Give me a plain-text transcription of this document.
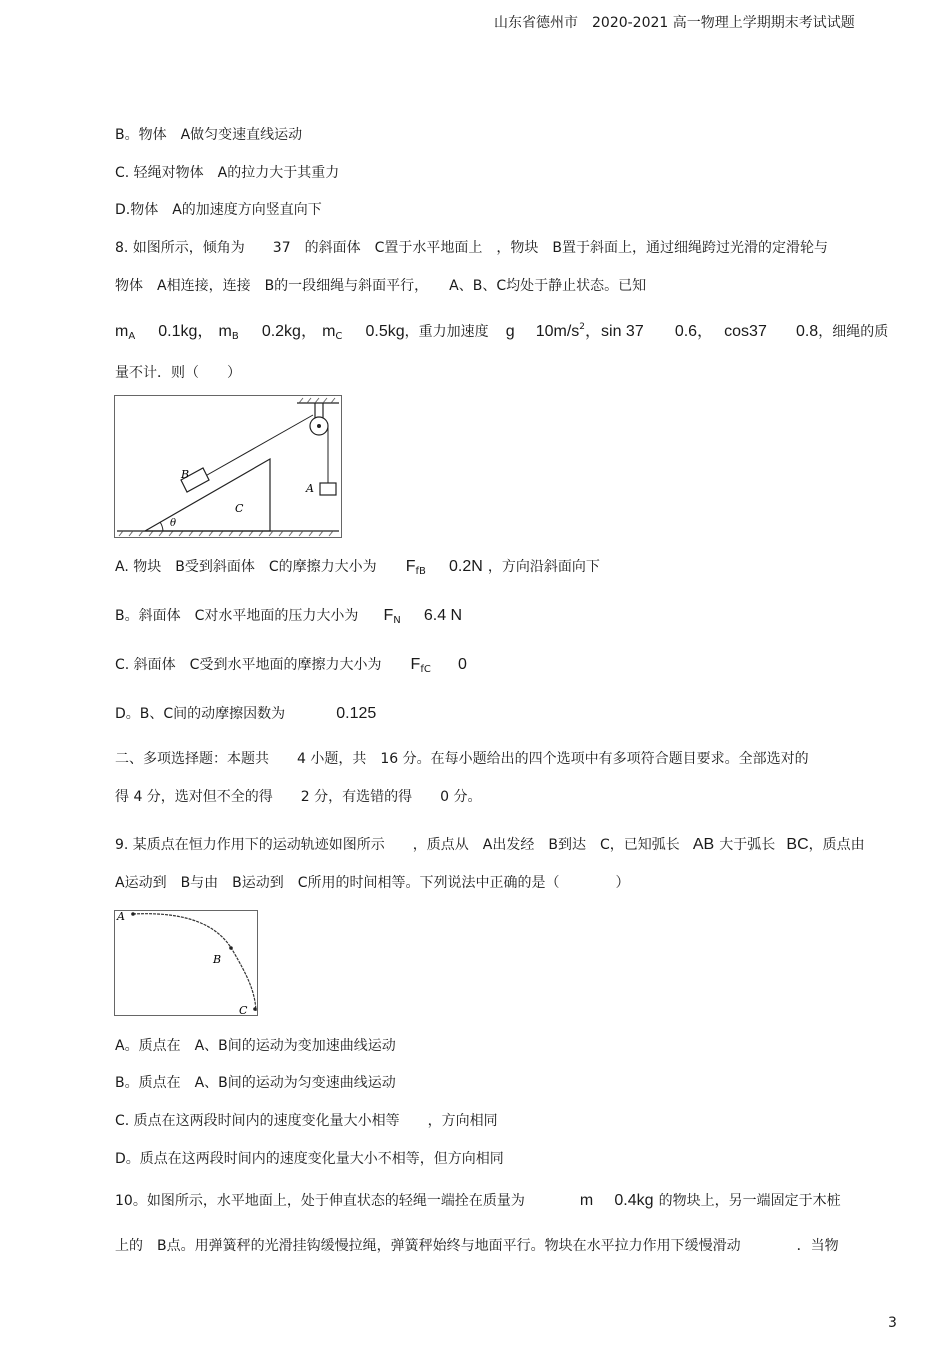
山东省德州市　2020-2021 高一物理上学期期末考试试题
B。物体　A做匀变速直线运动
C. 轻绳对物体　A的拉力大于其重力
D.物体　A的加速度方向竖直向下
8. 如图所示，倾角为　　37　的斜面体　C置于水平地面上　，物块　B置于斜面上，通过细绳跨过光滑的定滑轮与
物体　A相连接，连接　B的一段细绳与斜面平行，　　A、B、C均处于静止状态。已知
$m_A$ 0.1kg， $m_B$ 0.2kg， $m_C$ 0.5kg，重力加速度 g $10m/s^2$，sin 37 0.6， cos37 0.8，细绳的质
量不计．则（　　）
B
C
A
θ
A. 物块　B受到斜面体　C的摩擦力大小为 $F_{fB}$ 0.2N ，方向沿斜面向下
B。斜面体　C对水平地面的压力大小为 $F_N$ 6.4 N
C. 斜面体　C受到水平地面的摩擦力大小为 $F_{fC}$ 0
D。B、C间的动摩擦因数为	0.125
二、多项选择题：本题共　　4 小题，共　16 分。在每小题给出的四个选项中有多项符合题目要求。全部选对的
得 4 分，选对但不全的得　　2 分，有选错的得　　0 分。
9. 某质点在恒力作用下的运动轨迹如图所示　　，质点从　A出发经　B到达　C，已知弧长 AB 大于弧长 BC，质点由
A运动到　B与由　B运动到　C所用的时间相等。下列说法中正确的是（　　　　）
A
B
C
A。质点在　A、B间的运动为变加速曲线运动
B。质点在　A、B间的运动为匀变速曲线运动
C. 质点在这两段时间内的速度变化量大小相等　　，方向相同
D。质点在这两段时间内的速度变化量大小不相等，但方向相同
10。如图所示，水平地面上，处于伸直状态的轻绳一端拴在质量为	m 0.4kg 的物块上，另一端固定于木桩
上的　B点。用弹簧秤的光滑挂钩缓慢拉绳，弹簧秤始终与地面平行。物块在水平拉力作用下缓慢滑动　　　　．当物
3
